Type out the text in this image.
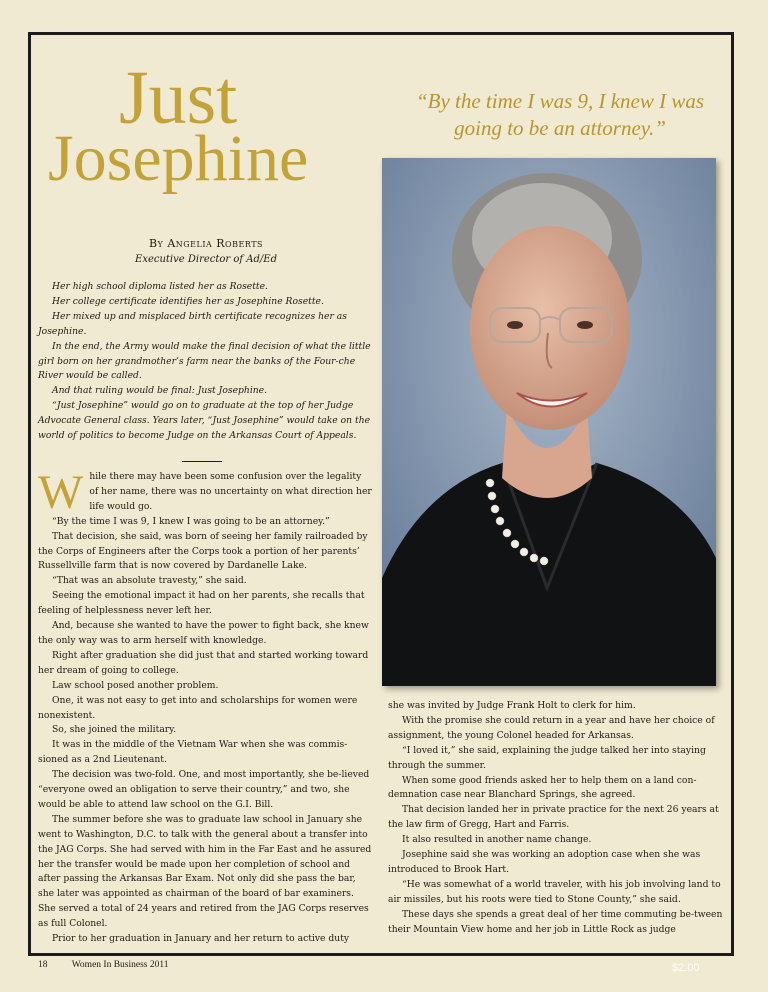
Just
Josephine
“By the time I was 9, I knew I was going to be an attorney.”
By Angelia Roberts
Executive Director of Ad/Ed

Her high school diploma listed her as Rosette.

Her college certificate identifies her as Josephine Rosette.

Her mixed up and misplaced birth certificate recognizes her as

Josephine.

In the end, the Army would make the final decision of what the little girl born on her grandmother’s farm near the banks of the Four-che River would be called.

And that ruling would be final: Just Josephine.

“Just Josephine” would go on to graduate at the top of her Judge Advocate General class. Years later, “Just Josephine” would take on the world of politics to become Judge on the Arkansas Court of Appeals.

While there may have been some confusion over the legality of her name, there was no uncertainty on what direction her life would go.

“By the time I was 9, I knew I was going to be an attorney.”

That decision, she said, was born of seeing her family railroaded by the Corps of Engineers after the Corps took a portion of her parents’ Russellville farm that is now covered by Dardanelle Lake.

“That was an absolute travesty,” she said.

Seeing the emotional impact it had on her parents, she recalls that feeling of helplessness never left her.

And, because she wanted to have the power to fight back, she knew the only way was to arm herself with knowledge.

Right after graduation she did just that and started working toward her dream of going to college.

Law school posed another problem.

One, it was not easy to get into and scholarships for women were nonexistent.

So, she joined the military.

It was in the middle of the Vietnam War when she was commis-sioned as a 2nd Lieutenant.

The decision was two-fold. One, and most importantly, she be-lieved “everyone owed an obligation to serve their country,” and two, she would be able to attend law school on the G.I. Bill.

The summer before she was to graduate law school in January she went to Washington, D.C. to talk with the general about a transfer into the JAG Corps. She had served with him in the Far East and he assured her the transfer would be made upon her completion of school and after passing the Arkansas Bar Exam. Not only did she pass the bar, she later was appointed as chairman of the board of bar examiners. She served a total of 24 years and retired from the JAG Corps reserves as full Colonel.

Prior to her graduation in January and her return to active duty

she was invited by Judge Frank Holt to clerk for him.

With the promise she could return in a year and have her choice of assignment, the young Colonel headed for Arkansas.

“I loved it,” she said, explaining the judge talked her into staying through the summer.

When some good friends asked her to help them on a land con-demnation case near Blanchard Springs, she agreed.

That decision landed her in private practice for the next 26 years at the law firm of Gregg, Hart and Farris.

It also resulted in another name change.

Josephine said she was working an adoption case when she was introduced to Brook Hart.

“He was somewhat of a world traveler, with his job involving land to air missiles, but his roots were tied to Stone County,” she said.

These days she spends a great deal of her time commuting be-tween their Mountain View home and her job in Little Rock as judge

18	Women In Business 2011	$2.00
